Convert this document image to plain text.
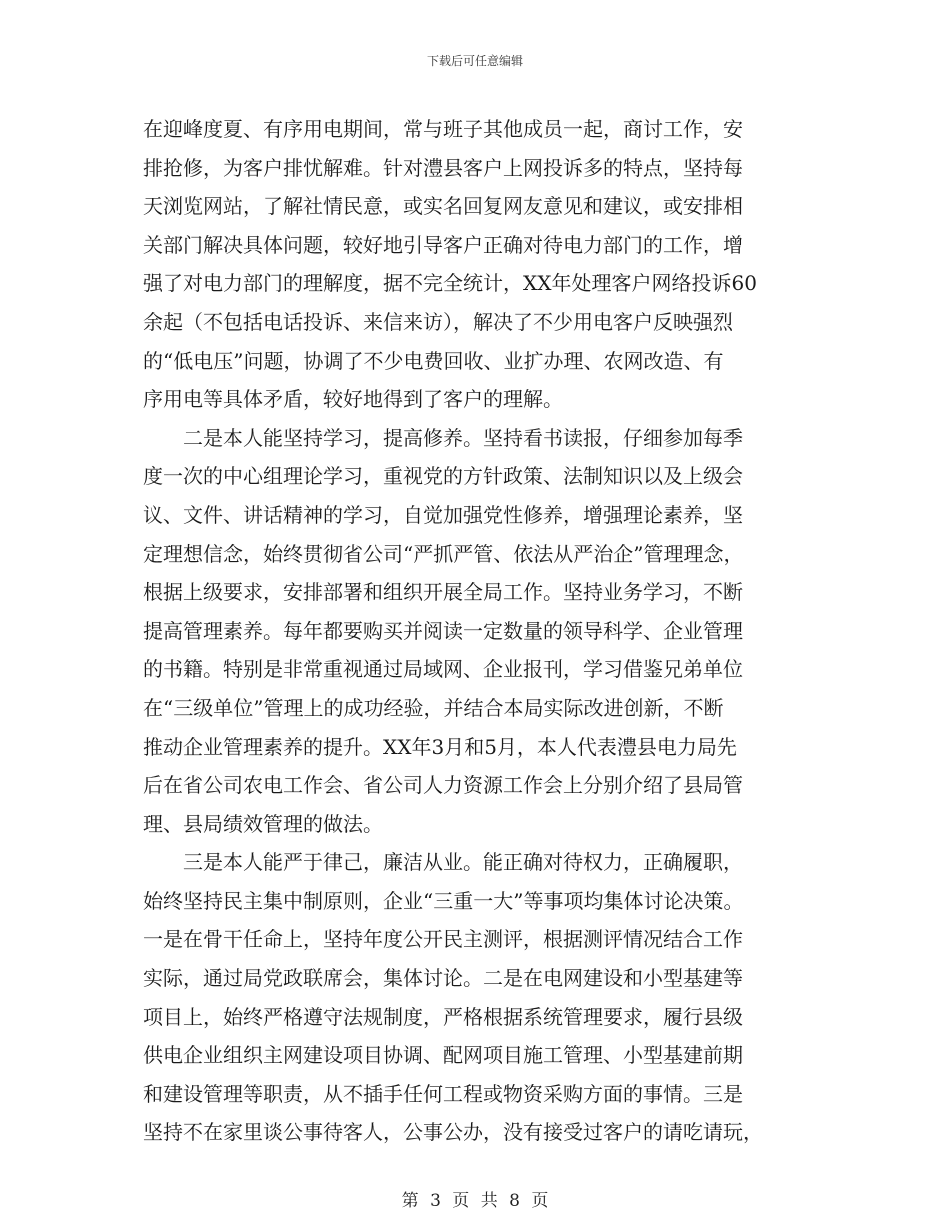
下载后可任意编辑
在迎峰度夏、有序用电期间，常与班子其他成员一起，商讨工作，安
排抢修，为客户排忧解难。针对澧县客户上网投诉多的特点，坚持每
天浏览网站，了解社情民意，或实名回复网友意见和建议，或安排相
关部门解决具体问题，较好地引导客户正确对待电力部门的工作，增
强了对电力部门的理解度，据不完全统计，XX年处理客户网络投诉60
余起（不包括电话投诉、来信来访），解决了不少用电客户反映强烈
的“低电压”问题，协调了不少电费回收、业扩办理、农网改造、有
序用电等具体矛盾，较好地得到了客户的理解。
二是本人能坚持学习，提高修养。坚持看书读报，仔细参加每季
度一次的中心组理论学习，重视党的方针政策、法制知识以及上级会
议、文件、讲话精神的学习，自觉加强党性修养，增强理论素养，坚
定理想信念，始终贯彻省公司“严抓严管、依法从严治企”管理理念，
根据上级要求，安排部署和组织开展全局工作。坚持业务学习，不断
提高管理素养。每年都要购买并阅读一定数量的领导科学、企业管理
的书籍。特别是非常重视通过局域网、企业报刊，学习借鉴兄弟单位
在“三级单位”管理上的成功经验，并结合本局实际改进创新，不断
推动企业管理素养的提升。XX年3月和5月，本人代表澧县电力局先
后在省公司农电工作会、省公司人力资源工作会上分别介绍了县局管
理、县局绩效管理的做法。
三是本人能严于律己，廉洁从业。能正确对待权力，正确履职，
始终坚持民主集中制原则，企业“三重一大”等事项均集体讨论决策。
一是在骨干任命上，坚持年度公开民主测评，根据测评情况结合工作
实际，通过局党政联席会，集体讨论。二是在电网建设和小型基建等
项目上，始终严格遵守法规制度，严格根据系统管理要求，履行县级
供电企业组织主网建设项目协调、配网项目施工管理、小型基建前期
和建设管理等职责，从不插手任何工程或物资采购方面的事情。三是
坚持不在家里谈公事待客人，公事公办，没有接受过客户的请吃请玩，
第 3 页 共 8 页
